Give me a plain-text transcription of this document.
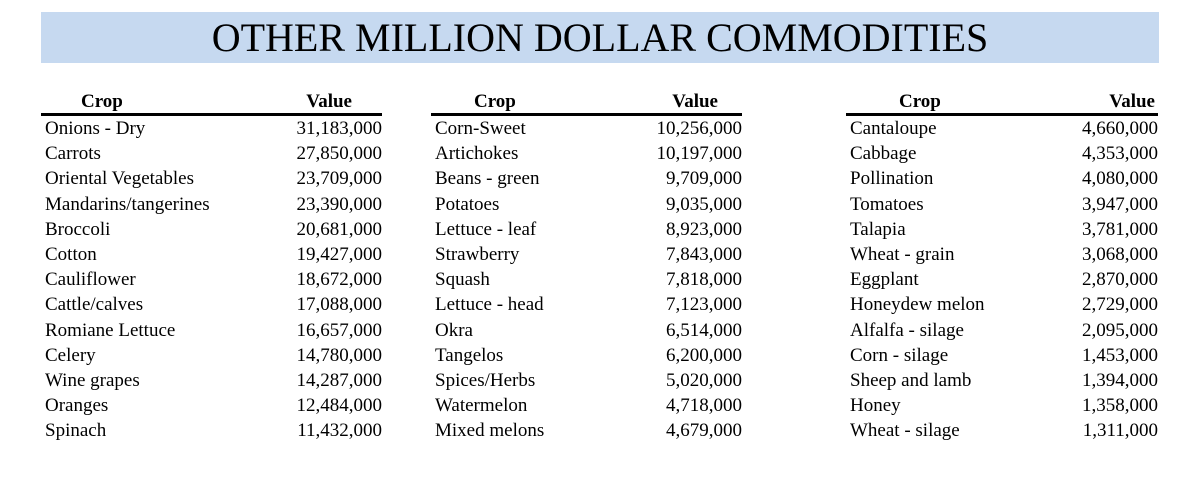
OTHER MILLION DOLLAR COMMODITIES
Crop	Value
Onions - Dry	31,183,000
Carrots	27,850,000
Oriental Vegetables	23,709,000
Mandarins/tangerines	23,390,000
Broccoli	20,681,000
Cotton	19,427,000
Cauliflower	18,672,000
Cattle/calves	17,088,000
Romiane Lettuce	16,657,000
Celery	14,780,000
Wine grapes	14,287,000
Oranges	12,484,000
Spinach	11,432,000
Crop	Value
Corn-Sweet	10,256,000
Artichokes	10,197,000
Beans - green	9,709,000
Potatoes	9,035,000
Lettuce - leaf	8,923,000
Strawberry	7,843,000
Squash	7,818,000
Lettuce - head	7,123,000
Okra	6,514,000
Tangelos	6,200,000
Spices/Herbs	5,020,000
Watermelon	4,718,000
Mixed melons	4,679,000
Crop	Value
Cantaloupe	4,660,000
Cabbage	4,353,000
Pollination	4,080,000
Tomatoes	3,947,000
Talapia	3,781,000
Wheat - grain	3,068,000
Eggplant	2,870,000
Honeydew melon	2,729,000
Alfalfa - silage	2,095,000
Corn - silage	1,453,000
Sheep and lamb	1,394,000
Honey	1,358,000
Wheat - silage	1,311,000
